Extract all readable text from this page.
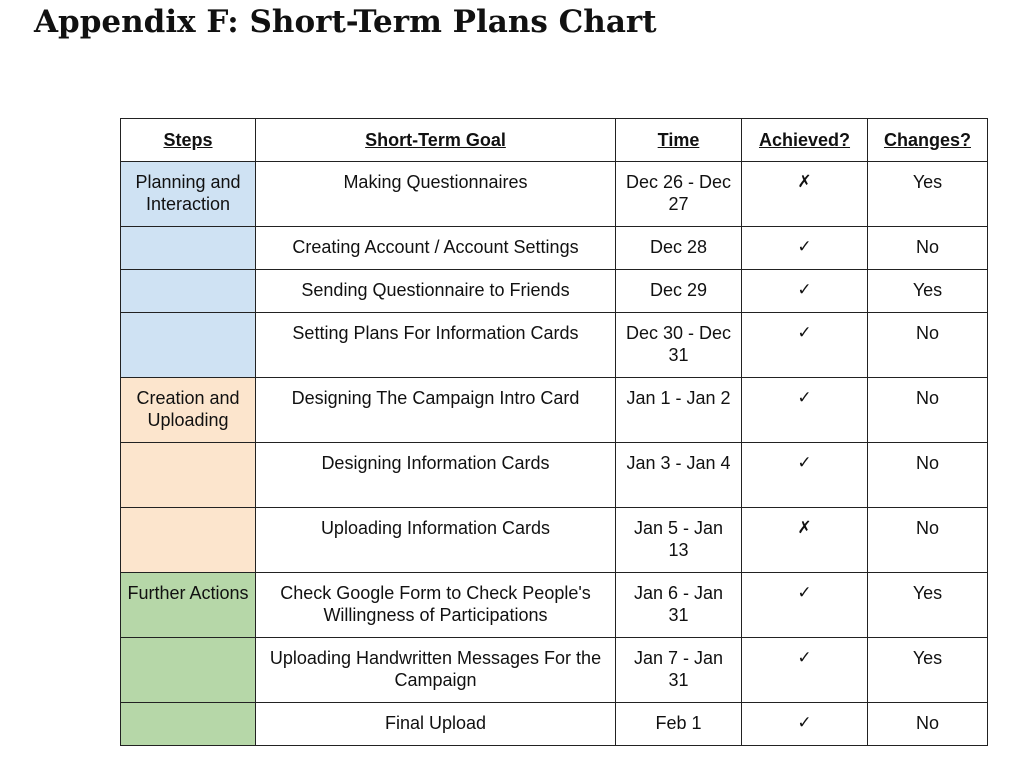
Appendix F: Short-Term Plans Chart
Steps	Short-Term Goal	Time	Achieved?	Changes?
Planning and Interaction	Making Questionnaires	Dec 26 - Dec 27	✗	Yes
	Creating Account / Account Settings	Dec 28	✓	No
	Sending Questionnaire to Friends	Dec 29	✓	Yes
	Setting Plans For Information Cards	Dec 30 - Dec 31	✓	No
Creation and Uploading	Designing The Campaign Intro Card	Jan 1 - Jan 2	✓	No
	Designing Information Cards	Jan 3 - Jan 4	✓	No
	Uploading Information Cards	Jan 5 - Jan 13	✗	No
Further Actions	Check Google Form to Check People's Willingness of Participations	Jan 6 - Jan 31	✓	Yes
	Uploading Handwritten Messages For the Campaign	Jan 7 - Jan 31	✓	Yes
	Final Upload	Feb 1	✓	No
